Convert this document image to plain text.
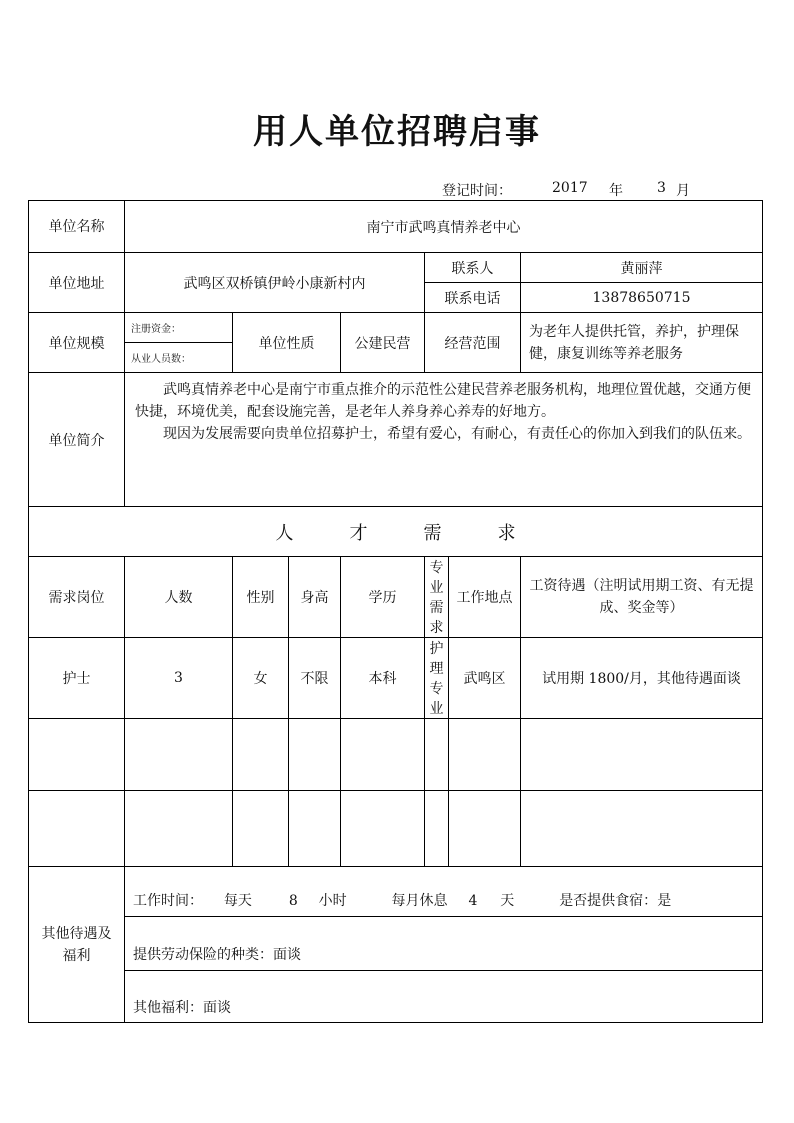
用人单位招聘启事
登记时间：	2017 年 3 月
单位名称	南宁市武鸣真情养老中心						
单位地址	武鸣区双桥镇伊岭小康新村内				联系人		黄丽萍
					联系电话		13878650715
单位规模	注册资金：	单位性质		公建民营	经营范围		为老年人提供托管，养护，护理保健，康复训练等养老服务
	从业人员数：						
单位简介	武鸣真情养老中心是南宁市重点推介的示范性公建民营养老服务机构，地理位置优越，交通方便快捷，环境优美，配套设施完善，是老年人养身养心养寿的好地方。

现因为发展需要向贵单位招募护士，希望有爱心，有耐心，有责任心的你加入到我们的队伍来。						

人 才 需 求							
需求岗位	人数	性别	身高	学历	专业需求	工作地点	工资待遇（注明试用期工资、有无提成、奖金等）
护士	3	女	不限	本科	护理专业	武鸣区	试用期 1800/月，其他待遇面谈

其他待遇及福利	工作时间： 每天 8 小时 每月休息 4 天 是否提供食宿：是						
	提供劳动保险的种类：面谈						
	其他福利：面谈						
